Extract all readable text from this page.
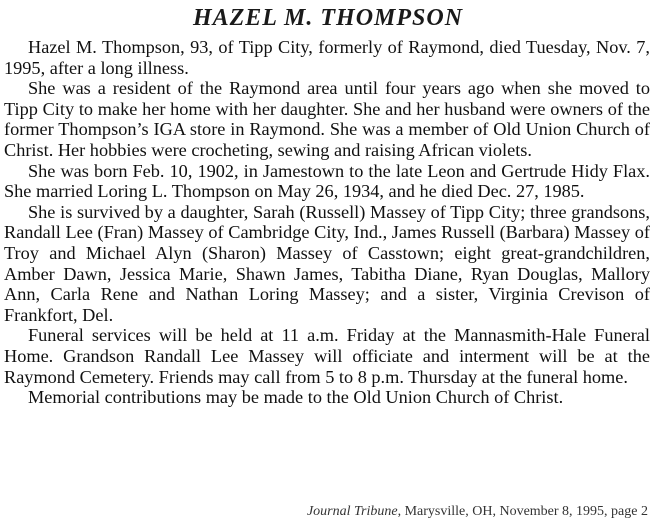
HAZEL M. THOMPSON

Hazel M. Thompson, 93, of Tipp City, formerly of Raymond, died Tuesday, Nov. 7, 1995, after a long illness.

She was a resident of the Raymond area until four years ago when she moved to Tipp City to make her home with her daughter. She and her husband were owners of the former Thompson’s IGA store in Raymond. She was a member of Old Union Church of Christ. Her hobbies were crocheting, sewing and raising African violets.

She was born Feb. 10, 1902, in Jamestown to the late Leon and Gertrude Hidy Flax. She married Loring L. Thompson on May 26, 1934, and he died Dec. 27, 1985.

She is survived by a daughter, Sarah (Russell) Massey of Tipp City; three grandsons, Randall Lee (Fran) Massey of Cambridge City, Ind., James Russell (Barbara) Massey of Troy and Michael Alyn (Sharon) Massey of Casstown; eight great-grandchildren, Amber Dawn, Jessica Marie, Shawn James, Tabitha Diane, Ryan Douglas, Mallory Ann, Carla Rene and Nathan Loring Massey; and a sister, Virginia Crevison of Frankfort, Del.

Funeral services will be held at 11 a.m. Friday at the Mannasmith-Hale Funeral Home. Grandson Randall Lee Massey will officiate and interment will be at the Raymond Cemetery. Friends may call from 5 to 8 p.m. Thursday at the funeral home.

Memorial contributions may be made to the Old Union Church of Christ.

Journal Tribune, Marysville, OH, November 8, 1995, page 2
